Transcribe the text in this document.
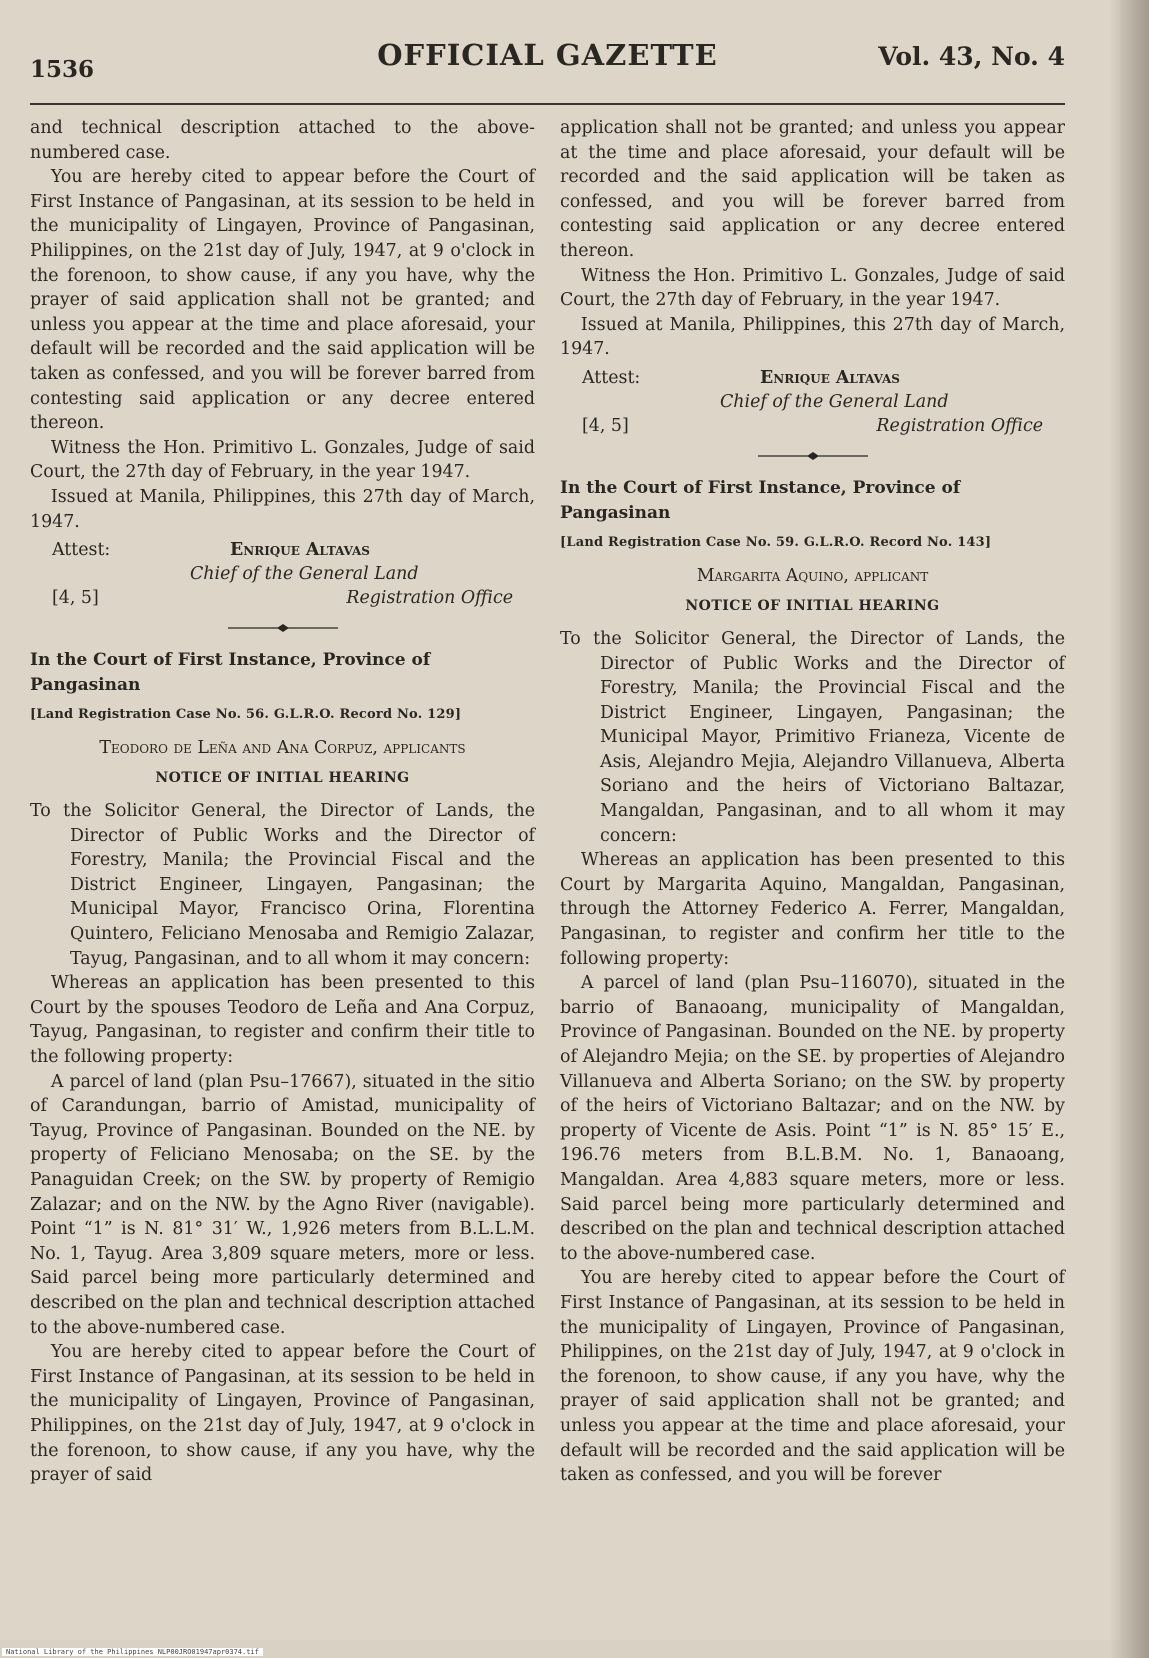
1536	OFFICIAL GAZETTE	Vol. 43, No. 4

and technical description attached to the above-numbered case.

You are hereby cited to appear before the Court of First Instance of Pangasinan, at its session to be held in the municipality of Lingayen, Province of Pangasinan, Philippines, on the 21st day of July, 1947, at 9 o'clock in the forenoon, to show cause, if any you have, why the prayer of said application shall not be granted; and unless you appear at the time and place aforesaid, your default will be recorded and the said application will be taken as confessed, and you will be forever barred from contesting said application or any decree entered thereon.

Witness the Hon. Primitivo L. Gonzales, Judge of said Court, the 27th day of February, in the year 1947.

Issued at Manila, Philippines, this 27th day of March, 1947.

Attest:	Enrique Altavas
Chief of the General Land
[4, 5]	Registration Office

In the Court of First Instance, Province of Pangasinan

[Land Registration Case No. 56. G.L.R.O. Record No. 129]

Teodoro de Leña and Ana Corpuz, applicants

NOTICE OF INITIAL HEARING

To the Solicitor General, the Director of Lands, the Director of Public Works and the Director of Forestry, Manila; the Provincial Fiscal and the District Engineer, Lingayen, Pangasinan; the Municipal Mayor, Francisco Orina, Florentina Quintero, Feliciano Menosaba and Remigio Zalazar, Tayug, Pangasinan, and to all whom it may concern:

Whereas an application has been presented to this Court by the spouses Teodoro de Leña and Ana Corpuz, Tayug, Pangasinan, to register and confirm their title to the following property:

A parcel of land (plan Psu–17667), situated in the sitio of Carandungan, barrio of Amistad, municipality of Tayug, Province of Pangasinan. Bounded on the NE. by property of Feliciano Menosaba; on the SE. by the Panaguidan Creek; on the SW. by property of Remigio Zalazar; and on the NW. by the Agno River (navigable). Point “1” is N. 81° 31′ W., 1,926 meters from B.L.L.M. No. 1, Tayug. Area 3,809 square meters, more or less. Said parcel being more particularly determined and described on the plan and technical description attached to the above-numbered case.

You are hereby cited to appear before the Court of First Instance of Pangasinan, at its session to be held in the municipality of Lingayen, Province of Pangasinan, Philippines, on the 21st day of July, 1947, at 9 o'clock in the forenoon, to show cause, if any you have, why the prayer of said

application shall not be granted; and unless you appear at the time and place aforesaid, your default will be recorded and the said application will be taken as confessed, and you will be forever barred from contesting said application or any decree entered thereon.

Witness the Hon. Primitivo L. Gonzales, Judge of said Court, the 27th day of February, in the year 1947.

Issued at Manila, Philippines, this 27th day of March, 1947.

Attest:	Enrique Altavas
Chief of the General Land
[4, 5]	Registration Office

In the Court of First Instance, Province of Pangasinan

[Land Registration Case No. 59. G.L.R.O. Record No. 143]

Margarita Aquino, applicant

NOTICE OF INITIAL HEARING

To the Solicitor General, the Director of Lands, the Director of Public Works and the Director of Forestry, Manila; the Provincial Fiscal and the District Engineer, Lingayen, Pangasinan; the Municipal Mayor, Primitivo Frianeza, Vicente de Asis, Alejandro Mejia, Alejandro Villanueva, Alberta Soriano and the heirs of Victoriano Baltazar, Mangaldan, Pangasinan, and to all whom it may concern:

Whereas an application has been presented to this Court by Margarita Aquino, Mangaldan, Pangasinan, through the Attorney Federico A. Ferrer, Mangaldan, Pangasinan, to register and confirm her title to the following property:

A parcel of land (plan Psu–116070), situated in the barrio of Banaoang, municipality of Mangaldan, Province of Pangasinan. Bounded on the NE. by property of Alejandro Mejia; on the SE. by properties of Alejandro Villanueva and Alberta Soriano; on the SW. by property of the heirs of Victoriano Baltazar; and on the NW. by property of Vicente de Asis. Point “1” is N. 85° 15′ E., 196.76 meters from B.L.B.M. No. 1, Banaoang, Mangaldan. Area 4,883 square meters, more or less. Said parcel being more particularly determined and described on the plan and technical description attached to the above-numbered case.

You are hereby cited to appear before the Court of First Instance of Pangasinan, at its session to be held in the municipality of Lingayen, Province of Pangasinan, Philippines, on the 21st day of July, 1947, at 9 o'clock in the forenoon, to show cause, if any you have, why the prayer of said application shall not be granted; and unless you appear at the time and place aforesaid, your default will be recorded and the said application will be taken as confessed, and you will be forever

National Library of the Philippines NLP00JRO01947apr0374.tif
